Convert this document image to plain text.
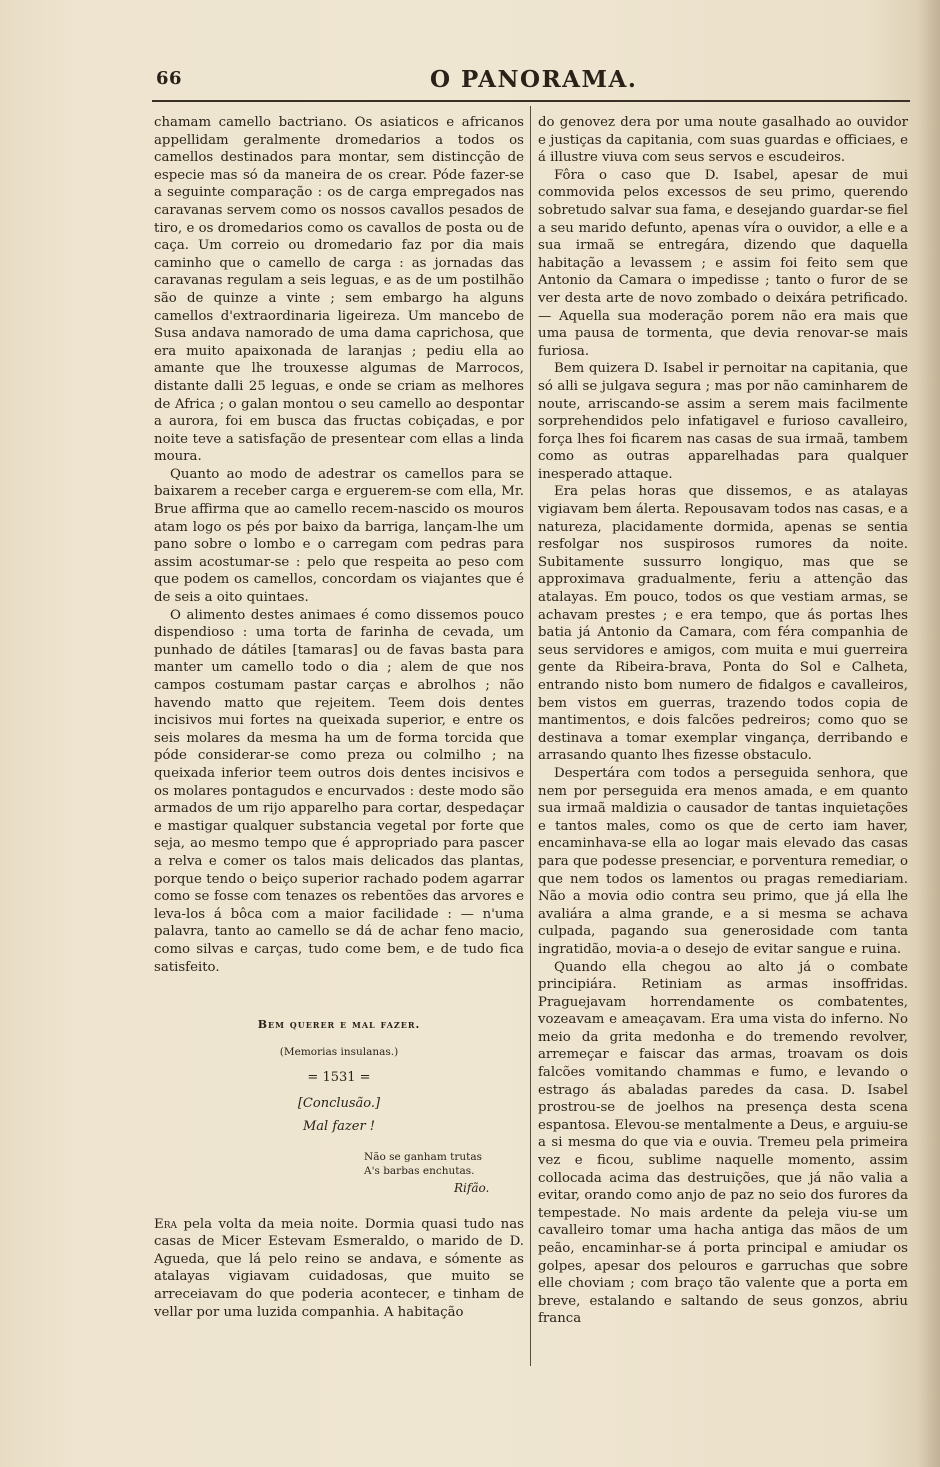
66	O PANORAMA.

chamam camello bactriano. Os asiaticos e africanos appellidam geralmente dromedarios a todos os camellos destinados para montar, sem distincção de especie mas só da maneira de os crear. Póde fazer-se a seguinte comparação : os de carga empregados nas caravanas servem como os nossos cavallos pesados de tiro, e os dromedarios como os cavallos de posta ou de caça. Um correio ou dromedario faz por dia mais caminho que o camello de carga : as jornadas das caravanas regulam a seis leguas, e as de um postilhão são de quinze a vinte ; sem embargo ha alguns camellos d'extraordinaria ligeireza. Um mancebo de Susa andava namorado de uma dama caprichosa, que era muito apaixonada de laranjas ; pediu ella ao amante que lhe trouxesse algumas de Marrocos, distante dalli 25 leguas, e onde se criam as melhores de Africa ; o galan montou o seu camello ao despontar a aurora, foi em busca das fructas cobiçadas, e por noite teve a satisfação de presentear com ellas a linda moura.

Quanto ao modo de adestrar os camellos para se baixarem a receber carga e erguerem-se com ella, Mr. Brue affirma que ao camello recem-nascido os mouros atam logo os pés por baixo da barriga, lançam-lhe um pano sobre o lombo e o carregam com pedras para assim acostumar-se : pelo que respeita ao peso com que podem os camellos, concordam os viajantes que é de seis a oito quintaes.

O alimento destes animaes é como dissemos pouco dispendioso : uma torta de farinha de cevada, um punhado de dátiles [tamaras] ou de favas basta para manter um camello todo o dia ; alem de que nos campos costumam pastar carças e abrolhos ; não havendo matto que rejeitem. Teem dois dentes incisivos mui fortes na queixada superior, e entre os seis molares da mesma ha um de forma torcida que póde considerar-se como preza ou colmilho ; na queixada inferior teem outros dois dentes incisivos e os molares pontagudos e encurvados : deste modo são armados de um rijo apparelho para cortar, despedaçar e mastigar qualquer substancia vegetal por forte que seja, ao mesmo tempo que é appropriado para pascer a relva e comer os talos mais delicados das plantas, porque tendo o beiço superior rachado podem agarrar como se fosse com tenazes os rebentões das arvores e leva-los á bôca com a maior facilidade : — n'uma palavra, tanto ao camello se dá de achar feno macio, como silvas e carças, tudo come bem, e de tudo fica satisfeito.

Bem querer e mal fazer.
(Memorias insulanas.)
= 1531 =
[Conclusão.]
Mal fazer !
Não se ganham trutas
A's barbas enchutas.
Rifão.

Era pela volta da meia noite. Dormia quasi tudo nas casas de Micer Estevam Esmeraldo, o marido de D. Agueda, que lá pelo reino se andava, e sómente as atalayas vigiavam cuidadosas, que muito se arreceiavam do que poderia acontecer, e tinham de vellar por uma luzida companhia. A habitação

do genovez dera por uma noute gasalhado ao ouvidor e justiças da capitania, com suas guardas e officiaes, e á illustre viuva com seus servos e escudeiros.

Fôra o caso que D. Isabel, apesar de mui commovida pelos excessos de seu primo, querendo sobretudo salvar sua fama, e desejando guardar-se fiel a seu marido defunto, apenas víra o ouvidor, a elle e a sua irmaã se entregára, dizendo que daquella habitação a levassem ; e assim foi feito sem que Antonio da Camara o impedisse ; tanto o furor de se ver desta arte de novo zombado o deixára petrificado. — Aquella sua moderação porem não era mais que uma pausa de tormenta, que devia renovar-se mais furiosa.

Bem quizera D. Isabel ir pernoitar na capitania, que só alli se julgava segura ; mas por não caminharem de noute, arriscando-se assim a serem mais facilmente sorprehendidos pelo infatigavel e furioso cavalleiro, força lhes foi ficarem nas casas de sua irmaã, tambem como as outras apparelhadas para qualquer inesperado attaque.

Era pelas horas que dissemos, e as atalayas vigiavam bem álerta. Repousavam todos nas casas, e a natureza, placidamente dormida, apenas se sentia resfolgar nos suspirosos rumores da noite. Subitamente sussurro longiquo, mas que se approximava gradualmente, feriu a attenção das atalayas. Em pouco, todos os que vestiam armas, se achavam prestes ; e era tempo, que ás portas lhes batia já Antonio da Camara, com féra companhia de seus servidores e amigos, com muita e mui guerreira gente da Ribeira-brava, Ponta do Sol e Calheta, entrando nisto bom numero de fidalgos e cavalleiros, bem vistos em guerras, trazendo todos copia de mantimentos, e dois falcões pedreiros; como quo se destinava a tomar exemplar vingança, derribando e arrasando quanto lhes fizesse obstaculo.

Despertára com todos a perseguida senhora, que nem por perseguida era menos amada, e em quanto sua irmaã maldizia o causador de tantas inquietações e tantos males, como os que de certo iam haver, encaminhava-se ella ao logar mais elevado das casas para que podesse presenciar, e porventura remediar, o que nem todos os lamentos ou pragas remediariam. Não a movia odio contra seu primo, que já ella lhe avaliára a alma grande, e a si mesma se achava culpada, pagando sua generosidade com tanta ingratidão, movia-a o desejo de evitar sangue e ruina.

Quando ella chegou ao alto já o combate principiára. Retiniam as armas insoffridas. Praguejavam horrendamente os combatentes, vozeavam e ameaçavam. Era uma vista do inferno. No meio da grita medonha e do tremendo revolver, arremeçar e faiscar das armas, troavam os dois falcões vomitando chammas e fumo, e levando o estrago ás abaladas paredes da casa. D. Isabel prostrou-se de joelhos na presença desta scena espantosa. Elevou-se mentalmente a Deus, e arguiu-se a si mesma do que via e ouvia. Tremeu pela primeira vez e ficou, sublime naquelle momento, assim collocada acima das destruições, que já não valia a evitar, orando como anjo de paz no seio dos furores da tempestade. No mais ardente da peleja viu-se um cavalleiro tomar uma hacha antiga das mãos de um peão, encaminhar-se á porta principal e amiudar os golpes, apesar dos pelouros e garruchas que sobre elle choviam ; com braço tão valente que a porta em breve, estalando e saltando de seus gonzos, abriu franca
